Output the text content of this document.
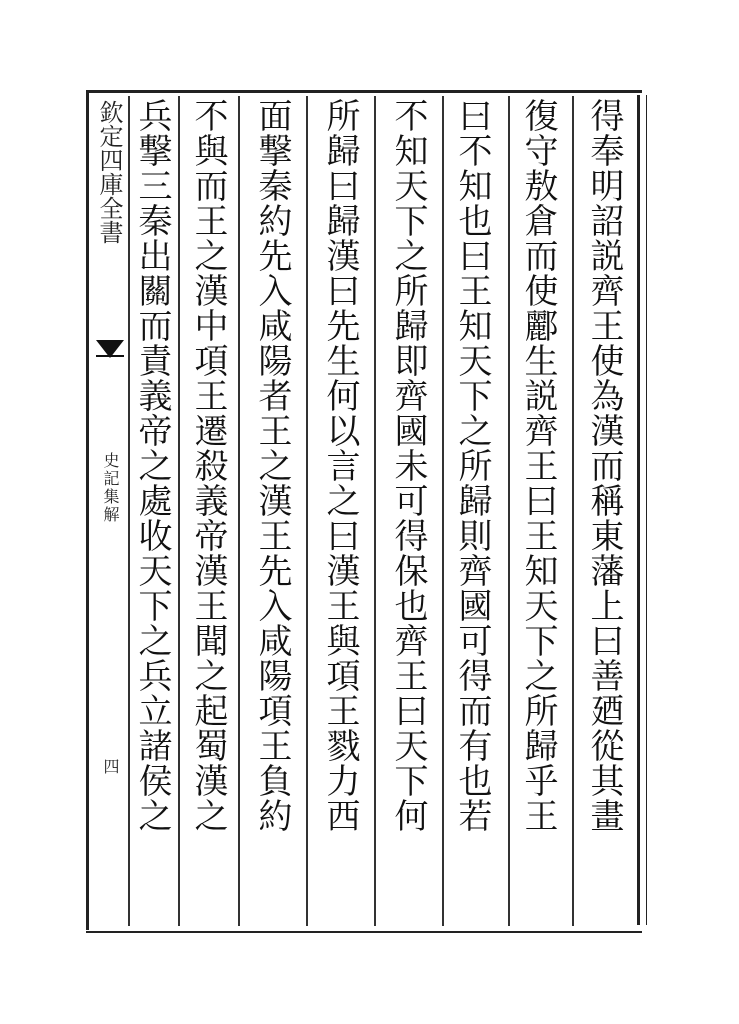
欽定四庫全書
史記集解
四	得奉明詔説齊王使為漢而稱東藩上曰善廼從其畫
復守敖倉而使酈生説齊王曰王知天下之所歸乎王
曰不知也曰王知天下之所歸則齊國可得而有也若
不知天下之所歸即齊國未可得保也齊王曰天下何
所歸曰歸漢曰先生何以言之曰漢王與項王戮力西
面撃秦約先入咸陽者王之漢王先入咸陽項王負約
不與而王之漢中項王遷殺義帝漢王聞之起蜀漢之
兵撃三秦出關而責義帝之處收天下之兵立諸侯之
